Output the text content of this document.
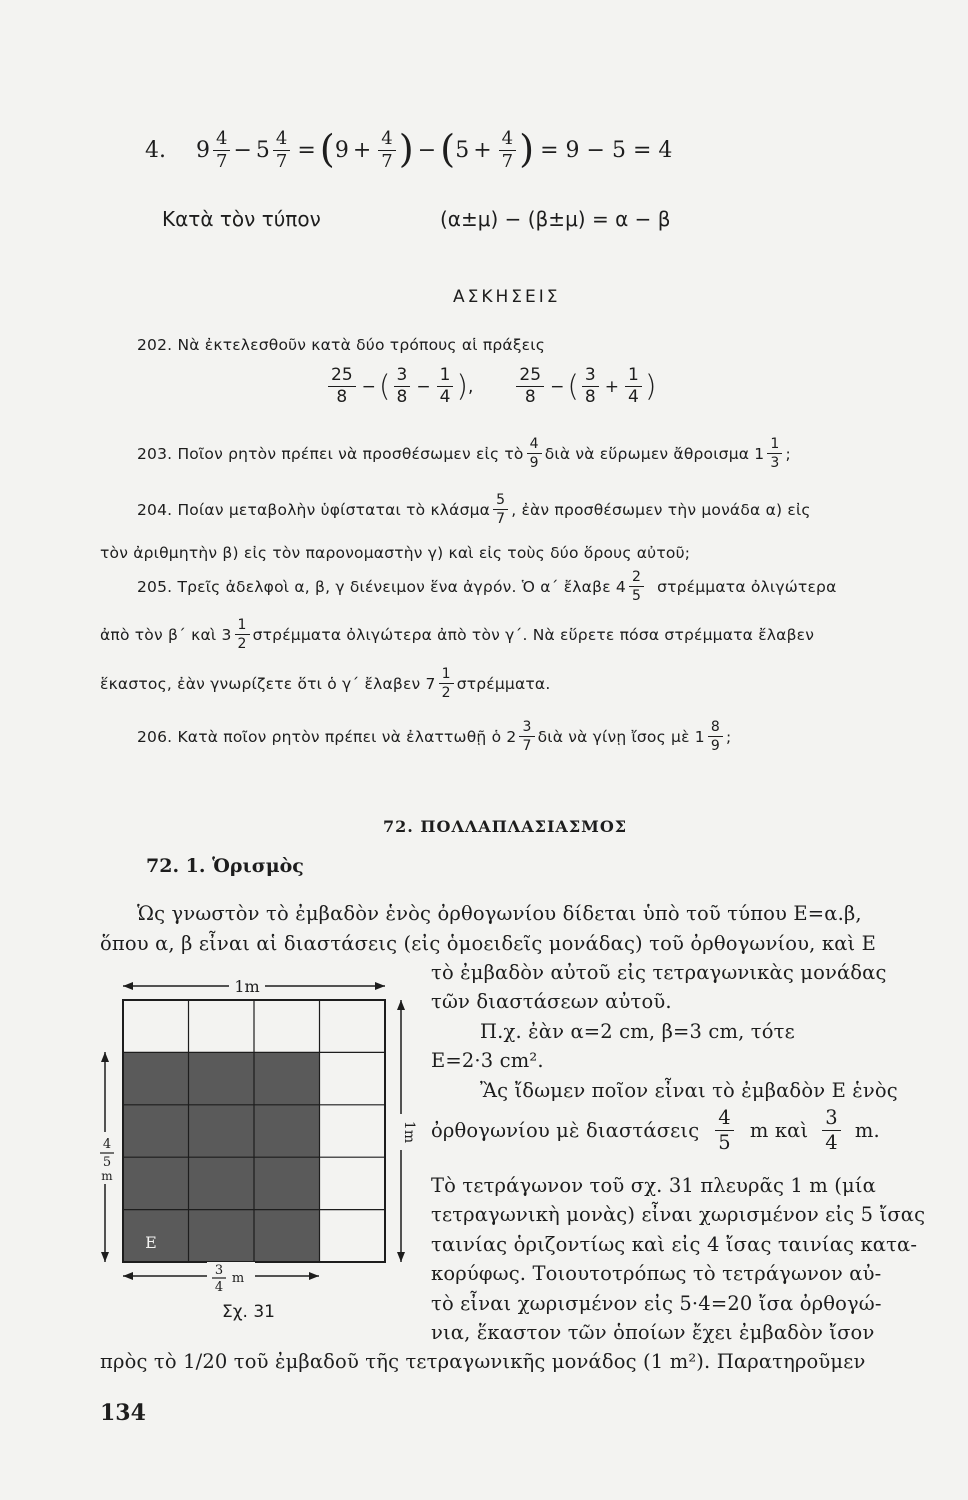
4. $9 \frac{4}{7} - 5 \frac{4}{7}$ = ( $9 + \frac{4}{7}$ ) − ( $5 + \frac{4}{7}$ ) = 9 − 5 = 4
Κατὰ τὸν τύπον	(α±μ) − (β±μ) = α − β
ΑΣΚΗΣΕΙΣ
202. Νὰ ἐκτελεσθοῦν κατὰ δύο τρόπους αἱ πράξεις
$\frac{25}{8}$ − ( $\frac{3}{8} - \frac{1}{4}$ ) ,	$\frac{25}{8}$ − ( $\frac{3}{8} + \frac{1}{4}$ )
203. Ποῖον ρητὸν πρέπει νὰ προσθέσωμεν εἰς τὸ $\frac{4}{9}$ διὰ νὰ εὕρωμεν ἄθροισμα $1 \frac{1}{3}$ ;
204. Ποίαν μεταβολὴν ὑφίσταται τὸ κλάσμα $\frac{5}{7}$ , ἐὰν προσθέσωμεν τὴν μονάδα α) εἰς
τὸν ἀριθμητὴν β) εἰς τὸν παρονομαστὴν γ) καὶ εἰς τοὺς δύο ὅρους αὐτοῦ;
205. Τρεῖς ἀδελφοὶ α, β, γ διένειμον ἕνα ἀγρόν. Ὁ α΄ ἔλαβε $4 \frac{2}{5}$ στρέμματα ὀλιγώτερα
ἀπὸ τὸν β΄ καὶ $3 \frac{1}{2}$ στρέμματα ὀλιγώτερα ἀπὸ τὸν γ΄. Νὰ εὕρετε πόσα στρέμματα ἔλαβεν
ἕκαστος, ἐὰν γνωρίζετε ὅτι ὁ γ΄ ἔλαβεν $7 \frac{1}{2} \sigma\tau\rho έ\mu\mu\alpha\tau\alpha$.
206. Κατὰ ποῖον ρητὸν πρέπει νὰ ἐλαττωθῇ ὁ $2 \frac{3}{7}$ διὰ νὰ γίνῃ ἴσος μὲ $1 \frac{8}{9}$ ;
72. ΠΟΛΛΑΠΛΑΣΙΑΣΜΟΣ
72. 1. Ὁρισμὸς
Ὡς γνωστὸν τὸ ἐμβαδὸν ἑνὸς ὀρθογωνίου δίδεται ὑπὸ τοῦ τύπου Ε=α.β,
ὅπου α, β εἶναι αἱ διαστάσεις (εἰς ὁμοειδεῖς μονάδας) τοῦ ὀρθογωνίου, καὶ Ε
τὸ ἐμβαδὸν αὐτοῦ εἰς τετραγωνικὰς μονάδας
τῶν διαστάσεων αὐτοῦ.
Π.χ. ἐὰν α=2 cm, β=3 cm, τότε
Ε=2·3 cm².
Ἂς ἴδωμεν ποῖον εἶναι τὸ ἐμβαδὸν Ε ἑνὸς
ὀρθογωνίου μὲ διαστάσεις $\frac{4}{5}$ m καὶ $\frac{3}{4} m$.
Τὸ τετράγωνον τοῦ σχ. 31 πλευρᾶς 1 m (μία
τετραγωνικὴ μονὰς) εἶναι χωρισμένον εἰς 5 ἴσας
ταινίας ὁριζοντίως καὶ εἰς 4 ἴσας ταινίας κατα-
κορύφως. Τοιουτοτρόπως τὸ τετράγωνον αὐ-
τὸ εἶναι χωρισμένον εἰς 5·4=20 ἴσα ὀρθογώ-
νια, ἕκαστον τῶν ὁποίων ἔχει ἐμβαδὸν ἴσον
πρὸς τὸ 1/20 τοῦ ἐμβαδοῦ τῆς τετραγωνικῆς μονάδος (1 m²). Παρατηροῦμεν
1m
1m
4
5
m
3
4
m
Ε
Σχ. 31
134
